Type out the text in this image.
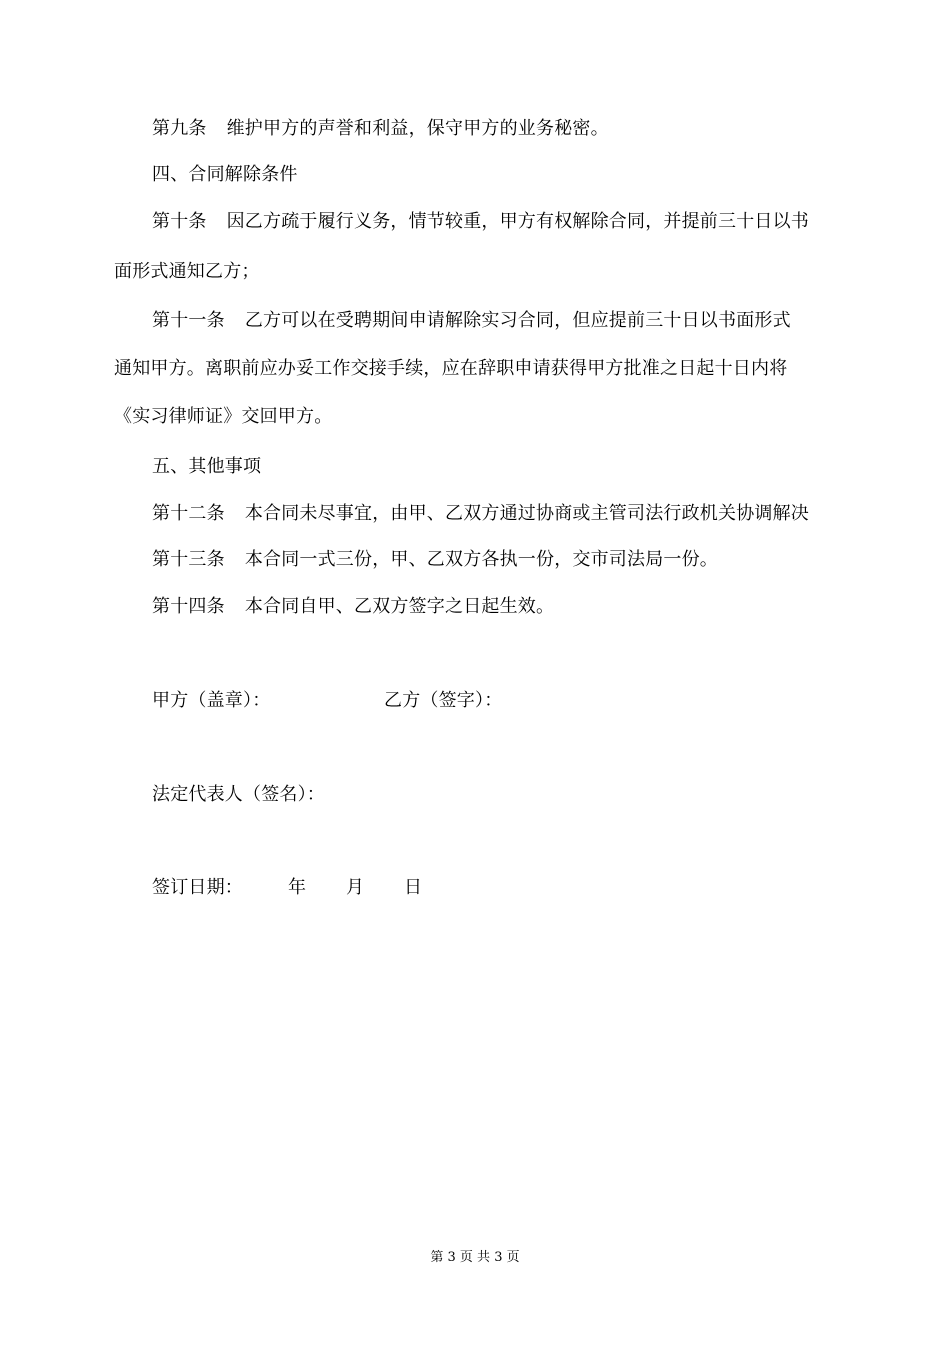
第九条 维护甲方的声誉和利益，保守甲方的业务秘密。
四、合同解除条件
第十条 因乙方疏于履行义务，情节较重，甲方有权解除合同，并提前三十日以书
面形式通知乙方；
第十一条 乙方可以在受聘期间申请解除实习合同，但应提前三十日以书面形式
通知甲方。离职前应办妥工作交接手续，应在辞职申请获得甲方批准之日起十日内将
《实习律师证》交回甲方。
五、其他事项
第十二条 本合同未尽事宜，由甲、乙双方通过协商或主管司法行政机关协调解决
第十三条 本合同一式三份，甲、乙双方各执一份，交市司法局一份。
第十四条 本合同自甲、乙双方签字之日起生效。
甲方（盖章）：	乙方（签字）：
法定代表人（签名）：
签订日期：	年 月 日
第 3 页 共 3 页
